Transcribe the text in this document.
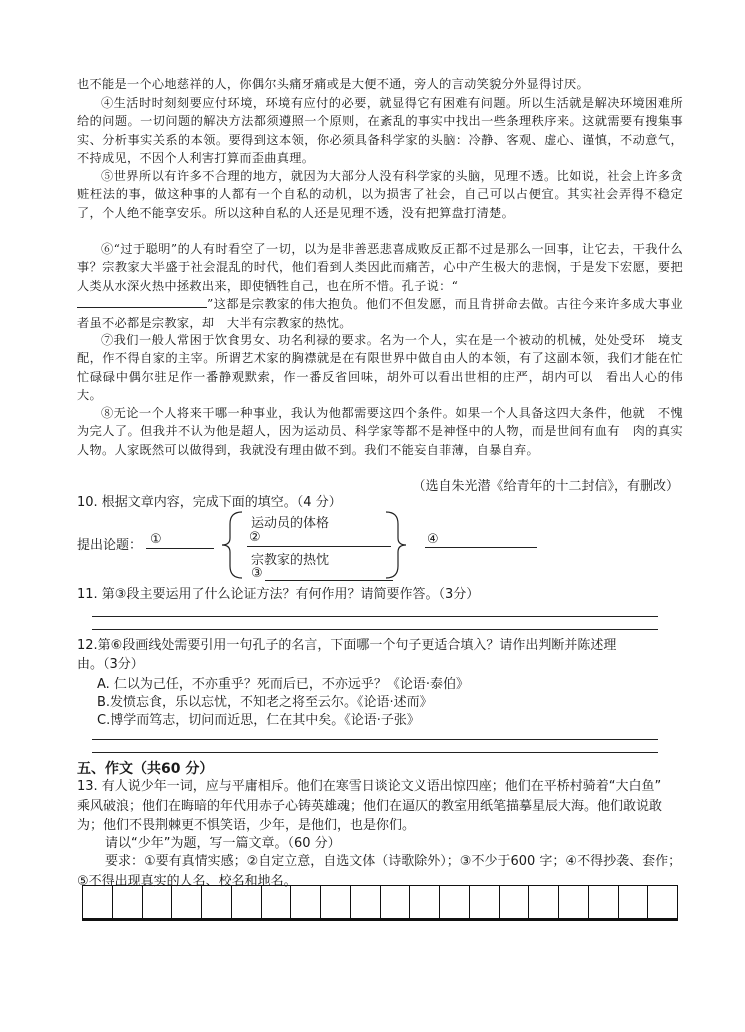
也不能是一个心地慈祥的人，你偶尔头痛牙痛或是大便不通，旁人的言动笑貌分外显得讨厌。

④生活时时刻刻要应付环境，环境有应付的必要，就显得它有困难有问题。所以生活就是解决环境困难所给的问题。一切问题的解决方法都须遵照一个原则，在紊乱的事实中找出一些条理秩序来。这就需要有搜集事实、分析事实关系的本领。要得到这本领，你必须具备科学家的头脑：冷静、客观、虚心、谨慎，不动意气，不持成见，不因个人利害打算而歪曲真理。

⑤世界所以有许多不合理的地方，就因为大部分人没有科学家的头脑，见理不透。比如说，社会上许多贪赃枉法的事，做这种事的人都有一个自私的动机，以为损害了社会，自己可以占便宜。其实社会弄得不稳定了，个人绝不能享安乐。所以这种自私的人还是见理不透，没有把算盘打清楚。

⑥“过于聪明”的人有时看空了一切，以为是非善恶悲喜成败反正都不过是那么一回事，让它去，干我什么事？宗教家大半盛于社会混乱的时代，他们看到人类因此而痛苦，心中产生极大的悲悯，于是发下宏愿，要把人类从水深火热中拯救出来，即使牺牲自己，也在所不惜。孔子说：“
”这都是宗教家的伟大抱负。他们不但发愿，而且肯拼命去做。古往今来许多成大事业者虽不必都是宗教家，却　大半有宗教家的热忱。

⑦我们一般人常困于饮食男女、功名利禄的要求。名为一个人，实在是一个被动的机械，处处受环　境支配，作不得自家的主宰。所谓艺术家的胸襟就是在有限世界中做自由人的本领，有了这副本领，我们才能在忙忙碌碌中偶尔驻足作一番静观默索，作一番反省回味，胡外可以看出世相的庄严，胡内可以　看出人心的伟大。

⑧无论一个人将来干哪一种事业，我认为他都需要这四个条件。如果一个人具备这四大条件，他就　不愧为完人了。但我并不认为他是超人，因为运动员、科学家等都不是神怪中的人物，而是世间有血有　肉的真实人物。人家既然可以做得到，我就没有理由做不到。我们不能妄自菲薄，自暴自弃。

（选自朱光潜《给青年的十二封信》，有删改）
10. 根据文章内容，完成下面的填空。（4 分）
提出论题： ①
运动员的体格
②
宗教家的热忱
③
④
11. 第③段主要运用了什么论证方法？有何作用？请简要作答。（3分）
12.第⑥段画线处需要引用一句孔子的名言，下面哪一个句子更适合填入？请作出判断并陈述理
由。（3分）
A. 仁以为己任，不亦重乎？死而后已，不亦远乎？《论语·泰伯》
B.发愤忘食，乐以忘忧，不知老之将至云尔。《论语·述而》
C.博学而笃志，切问而近思，仁在其中矣。《论语·子张》
五、作文（共60 分）

13. 有人说少年一词，应与平庸相斥。他们在寒雪日谈论文义语出惊四座；他们在平桥村骑着“大白鱼”　乘风破浪；他们在晦暗的年代用赤子心铸英雄魂；他们在逼仄的教室用纸笔描摹星辰大海。他们敢说敢为；他们不畏荆棘更不惧笑语，少年，是他们，也是你们。

请以“少年”为题，写一篇文章。（60 分）

要求：①要有真情实感；②自定立意，自选文体（诗歌除外）；③不少于600 字；④不得抄袭、套作；⑤不得出现真实的人名、校名和地名。
